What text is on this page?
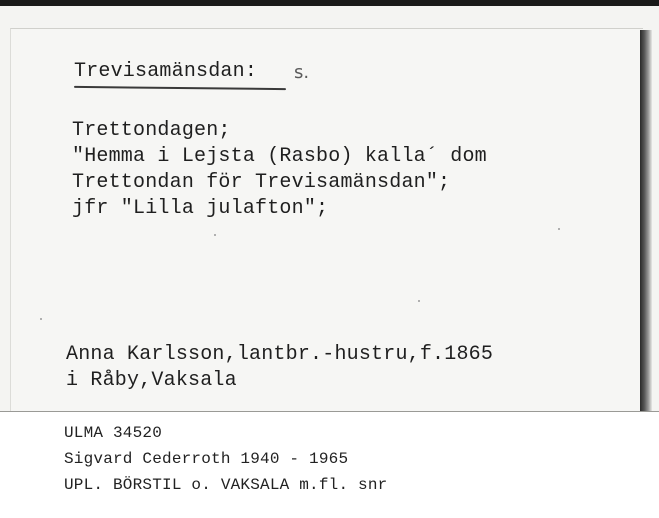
Trevisamänsdan: s.
Trettondagen;
"Hemma i Lejsta (Rasbo) kalla´ dom
Trettondan för Trevisamänsdan";
jfr "Lilla julafton";
Anna Karlsson,lantbr.-hustru,f.1865
i Råby,Vaksala
ULMA 34520
Sigvard Cederroth 1940 - 1965
UPL. BÖRSTIL o. VAKSALA m.fl. snr
